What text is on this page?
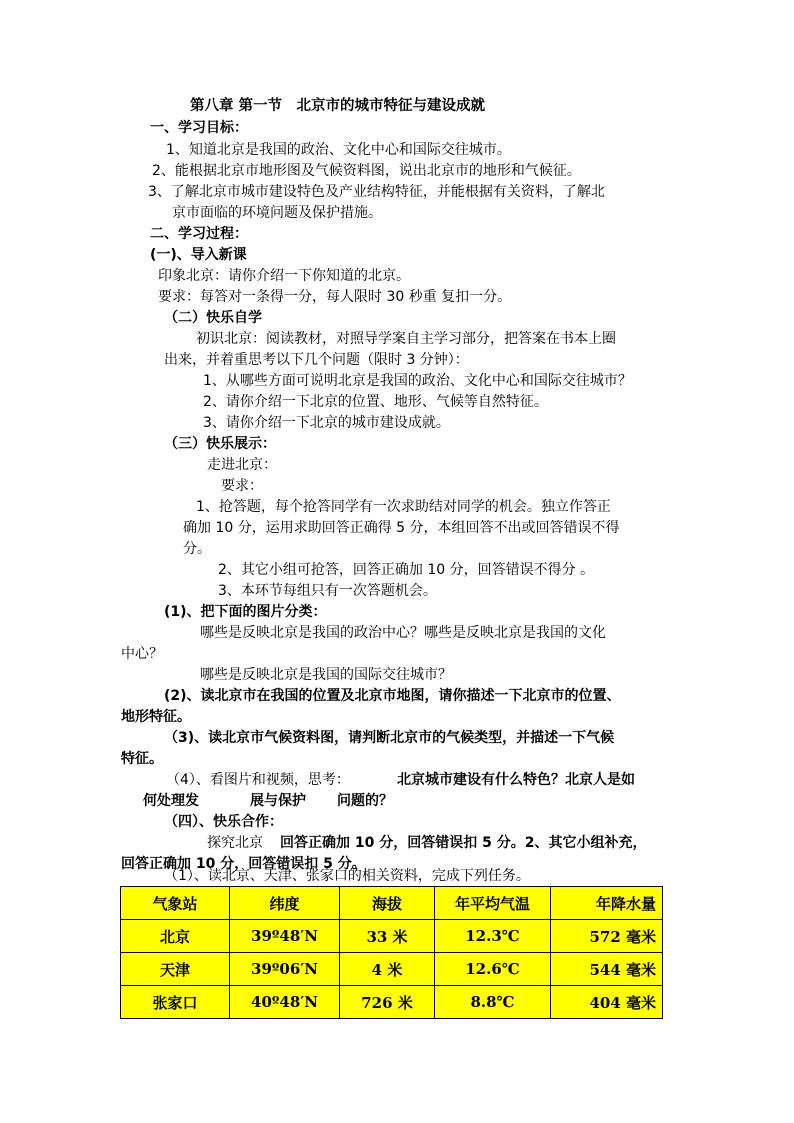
第八章 第一节　北京市的城市特征与建设成就
一、学习目标：
1、知道北京是我国的政治、文化中心和国际交往城市。
2、能根据北京市地形图及气候资料图，说出北京市的地形和气候征。
3、了解北京市城市建设特色及产业结构特征，并能根据有关资料，了解北
京市面临的环境问题及保护措施。
二、学习过程：
(一)、导入新课
印象北京：请你介绍一下你知道的北京。
要求：每答对一条得一分，每人限时 30 秒重 复扣一分。
（二）快乐自学
初识北京：阅读教材，对照导学案自主学习部分，把答案在书本上圈
出来，并着重思考以下几个问题（限时 3 分钟）：
1、从哪些方面可说明北京是我国的政治、文化中心和国际交往城市？
2、请你介绍一下北京的位置、地形、气候等自然特征。
3、请你介绍一下北京的城市建设成就。
（三）快乐展示：
走进北京：
要求：
1、抢答题，每个抢答同学有一次求助结对同学的机会。独立作答正
确加 10 分，运用求助回答正确得 5 分，本组回答不出或回答错误不得
分。
2、其它小组可抢答，回答正确加 10 分，回答错误不得分 。
3、本环节每组只有一次答题机会。
(1)、把下面的图片分类：
哪些是反映北京是我国的政治中心？哪些是反映北京是我国的文化
中心？
哪些是反映北京是我国的国际交往城市？
(2)、读北京市在我国的位置及北京市地图，请你描述一下北京市的位置、
地形特征。
（3)、读北京市气候资料图，请判断北京市的气候类型，并描述一下气候
特征。
（4）、看图片和视频，思考：	北京城市建设有什么特色？北京人是如
何处理发	展与保护 问题的？
（四）、快乐合作：
探究北京 回答正确加 10 分，回答错误扣 5 分。2、其它小组补充，
回答正确加 10 分，回答错误扣 5 分。
（1）、读北京、天津、张家口的相关资料，完成下列任务。
气象站	纬度	海拔	年平均气温	年降水量
北京	39º48′N	33 米	12.3℃	572 毫米
天津	39º06′N	4 米	12.6℃	544 毫米
张家口	40º48′N	726 米	8.8℃	404 毫米
